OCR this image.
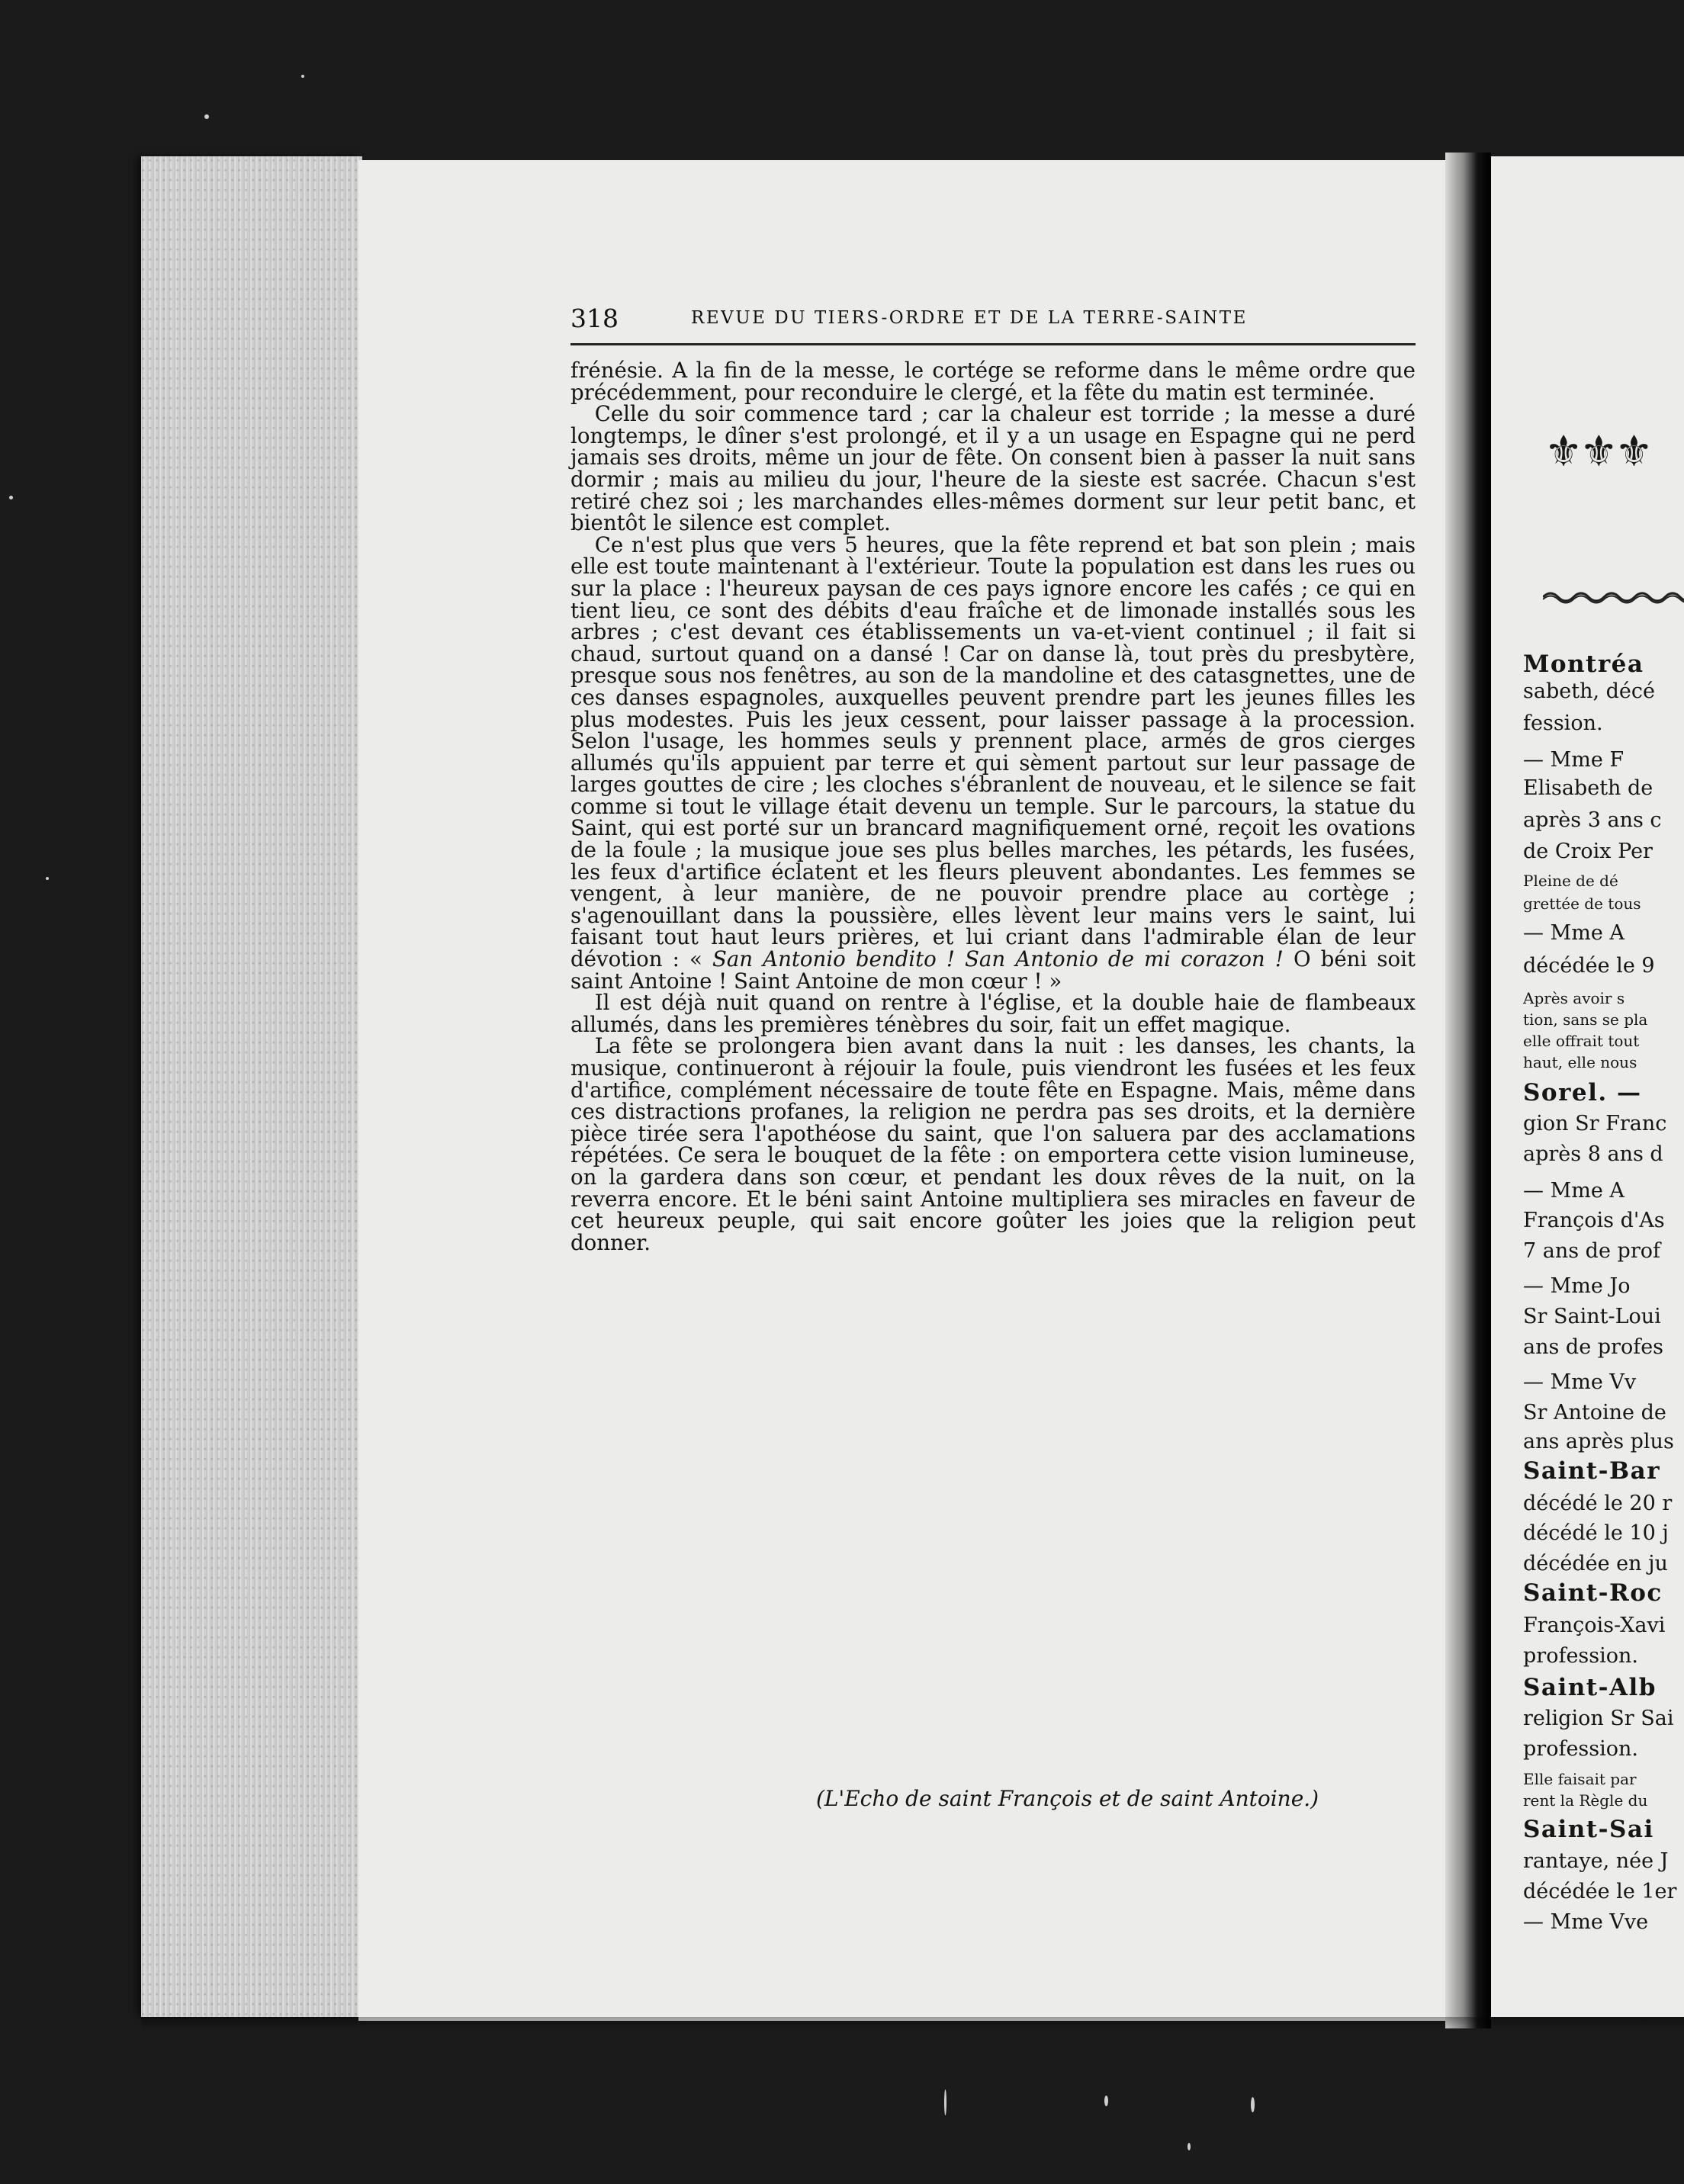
⚜⚜⚜
Montréa
sabeth, décé
fession.
— Mme F
Elisabeth de
après 3 ans c
de Croix Per
Pleine de dé
grettée de tous
— Mme A
décédée le 9
Après avoir s
tion, sans se pla
elle offrait tout
haut, elle nous
Sorel. —
gion Sr Franc
après 8 ans d
— Mme A
François d'As
7 ans de prof
— Mme Jo
Sr Saint-Loui
ans de profes
— Mme Vv
Sr Antoine de
ans après plus
Saint-Bar
décédé le 20 r
décédé le 10 j
décédée en ju
Saint-Roc
François-Xavi
profession.
Saint-Alb
religion Sr Sai
profession.
Elle faisait par
rent la Règle du
Saint-Sai
rantaye, née J
décédée le 1er
— Mme Vve
318	REVUE DU TIERS-ORDRE ET DE LA TERRE-SAINTE

frénésie. A la fin de la messe, le cortége se reforme dans le même ordre que précédemment, pour reconduire le clergé, et la fête du matin est terminée.

Celle du soir commence tard ; car la chaleur est torride ; la messe a duré longtemps, le dîner s'est prolongé, et il y a un usage en Espagne qui ne perd jamais ses droits, même un jour de fête. On consent bien à passer la nuit sans dormir ; mais au milieu du jour, l'heure de la sieste est sacrée. Chacun s'est retiré chez soi ; les marchandes elles-mêmes dorment sur leur petit banc, et bientôt le silence est complet.

Ce n'est plus que vers 5 heures, que la fête reprend et bat son plein ; mais elle est toute maintenant à l'extérieur. Toute la population est dans les rues ou sur la place : l'heureux paysan de ces pays ignore encore les cafés ; ce qui en tient lieu, ce sont des débits d'eau fraîche et de limonade installés sous les arbres ; c'est devant ces établissements un va-et-vient continuel ; il fait si chaud, surtout quand on a dansé ! Car on danse là, tout près du presbytère, presque sous nos fenêtres, au son de la mandoline et des catasgnettes, une de ces danses espagnoles, auxquelles peuvent prendre part les jeunes filles les plus modestes. Puis les jeux cessent, pour laisser passage à la procession. Selon l'usage, les hommes seuls y prennent place, armés de gros cierges allumés qu'ils appuient par terre et qui sèment partout sur leur passage de larges gouttes de cire ; les cloches s'ébranlent de nouveau, et le silence se fait comme si tout le village était devenu un temple. Sur le parcours, la statue du Saint, qui est porté sur un brancard magnifiquement orné, reçoit les ovations de la foule ; la musique joue ses plus belles marches, les pétards, les fusées, les feux d'artifice éclatent et les fleurs pleuvent abondantes. Les femmes se vengent, à leur manière, de ne pouvoir prendre place au cortège ; s'agenouillant dans la poussière, elles lèvent leur mains vers le saint, lui faisant tout haut leurs prières, et lui criant dans l'admirable élan de leur dévotion : « San Antonio bendito ! San Antonio de mi corazon ! O béni soit saint Antoine ! Saint Antoine de mon cœur ! »

Il est déjà nuit quand on rentre à l'église, et la double haie de flambeaux allumés, dans les premières ténèbres du soir, fait un effet magique.

La fête se prolongera bien avant dans la nuit : les danses, les chants, la musique, continueront à réjouir la foule, puis viendront les fusées et les feux d'artifice, complément nécessaire de toute fête en Espagne. Mais, même dans ces distractions profanes, la religion ne perdra pas ses droits, et la dernière pièce tirée sera l'apothéose du saint, que l'on saluera par des acclamations répétées. Ce sera le bouquet de la fête : on emportera cette vision lumineuse, on la gardera dans son cœur, et pendant les doux rêves de la nuit, on la reverra encore. Et le béni saint Antoine multipliera ses miracles en faveur de cet heureux peuple, qui sait encore goûter les joies que la religion peut donner.

(L'Echo de saint François et de saint Antoine.)
